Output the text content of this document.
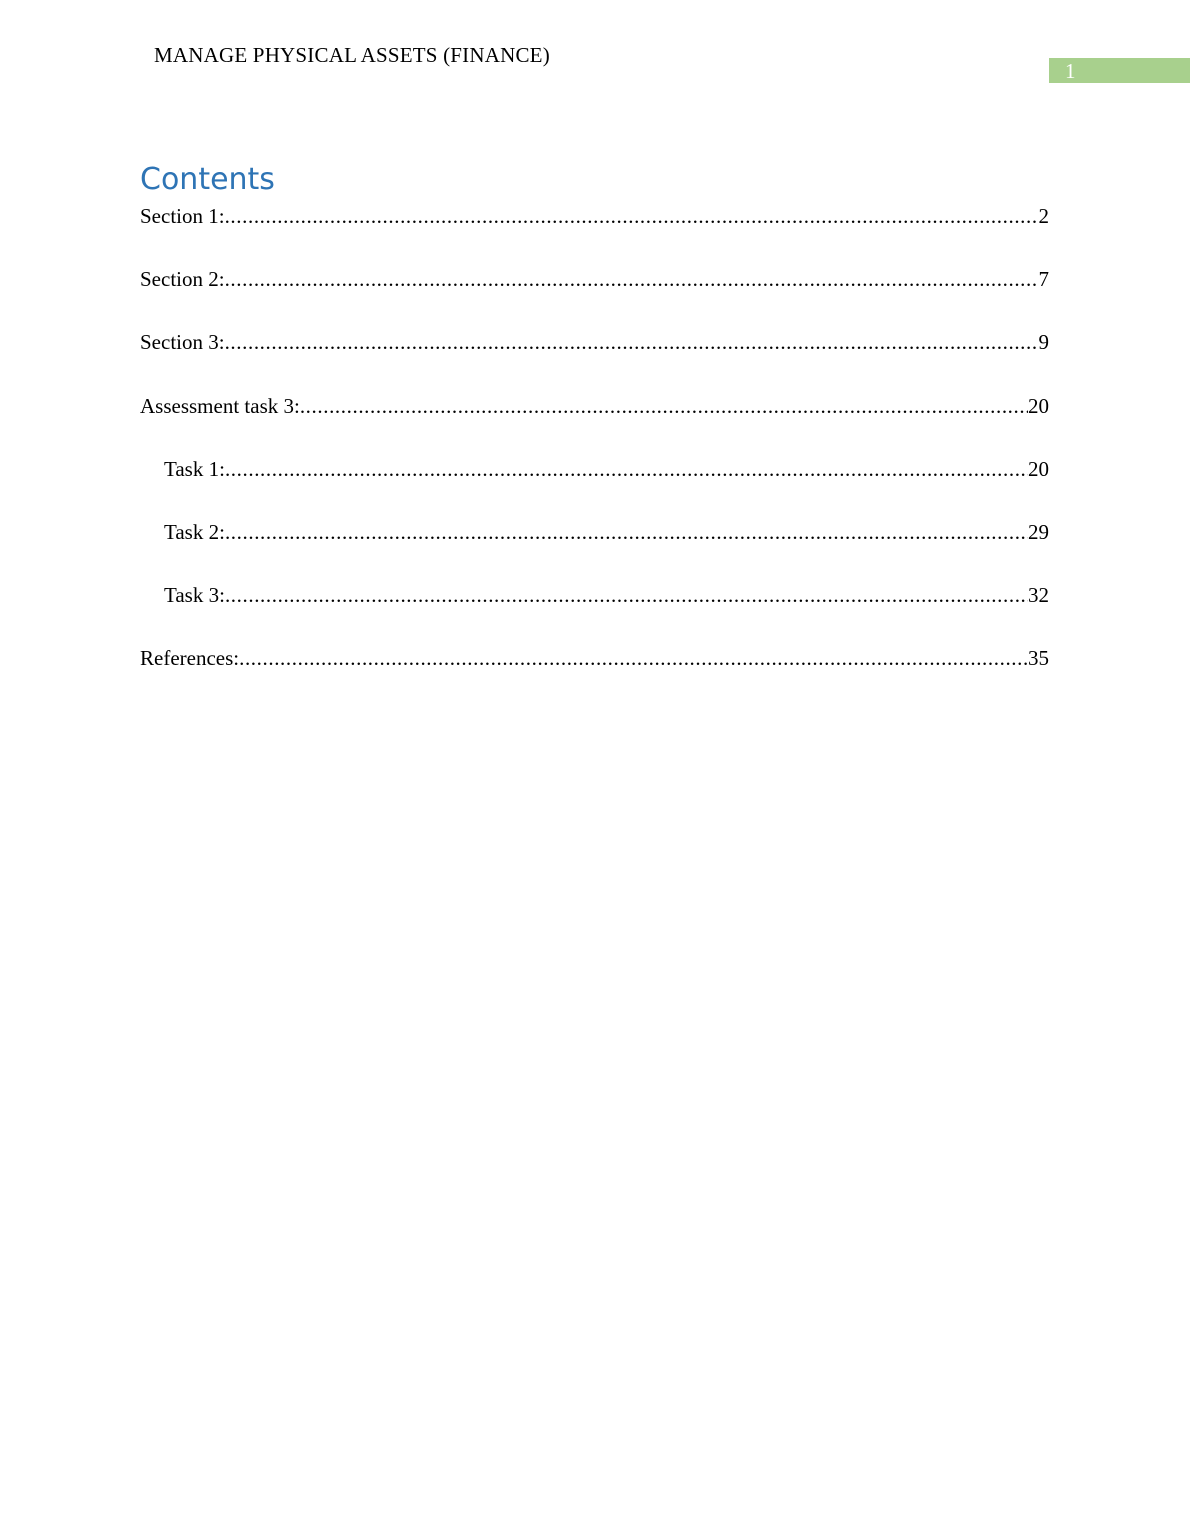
MANAGE PHYSICAL ASSETS (FINANCE)
1
Contents
Section 1: .....	2
Section 2: .....	7
Section 3: .....	9
Assessment task 3: .....	20
Task 1: .....	20
Task 2: .....	29
Task 3: .....	32
References: .....	35
